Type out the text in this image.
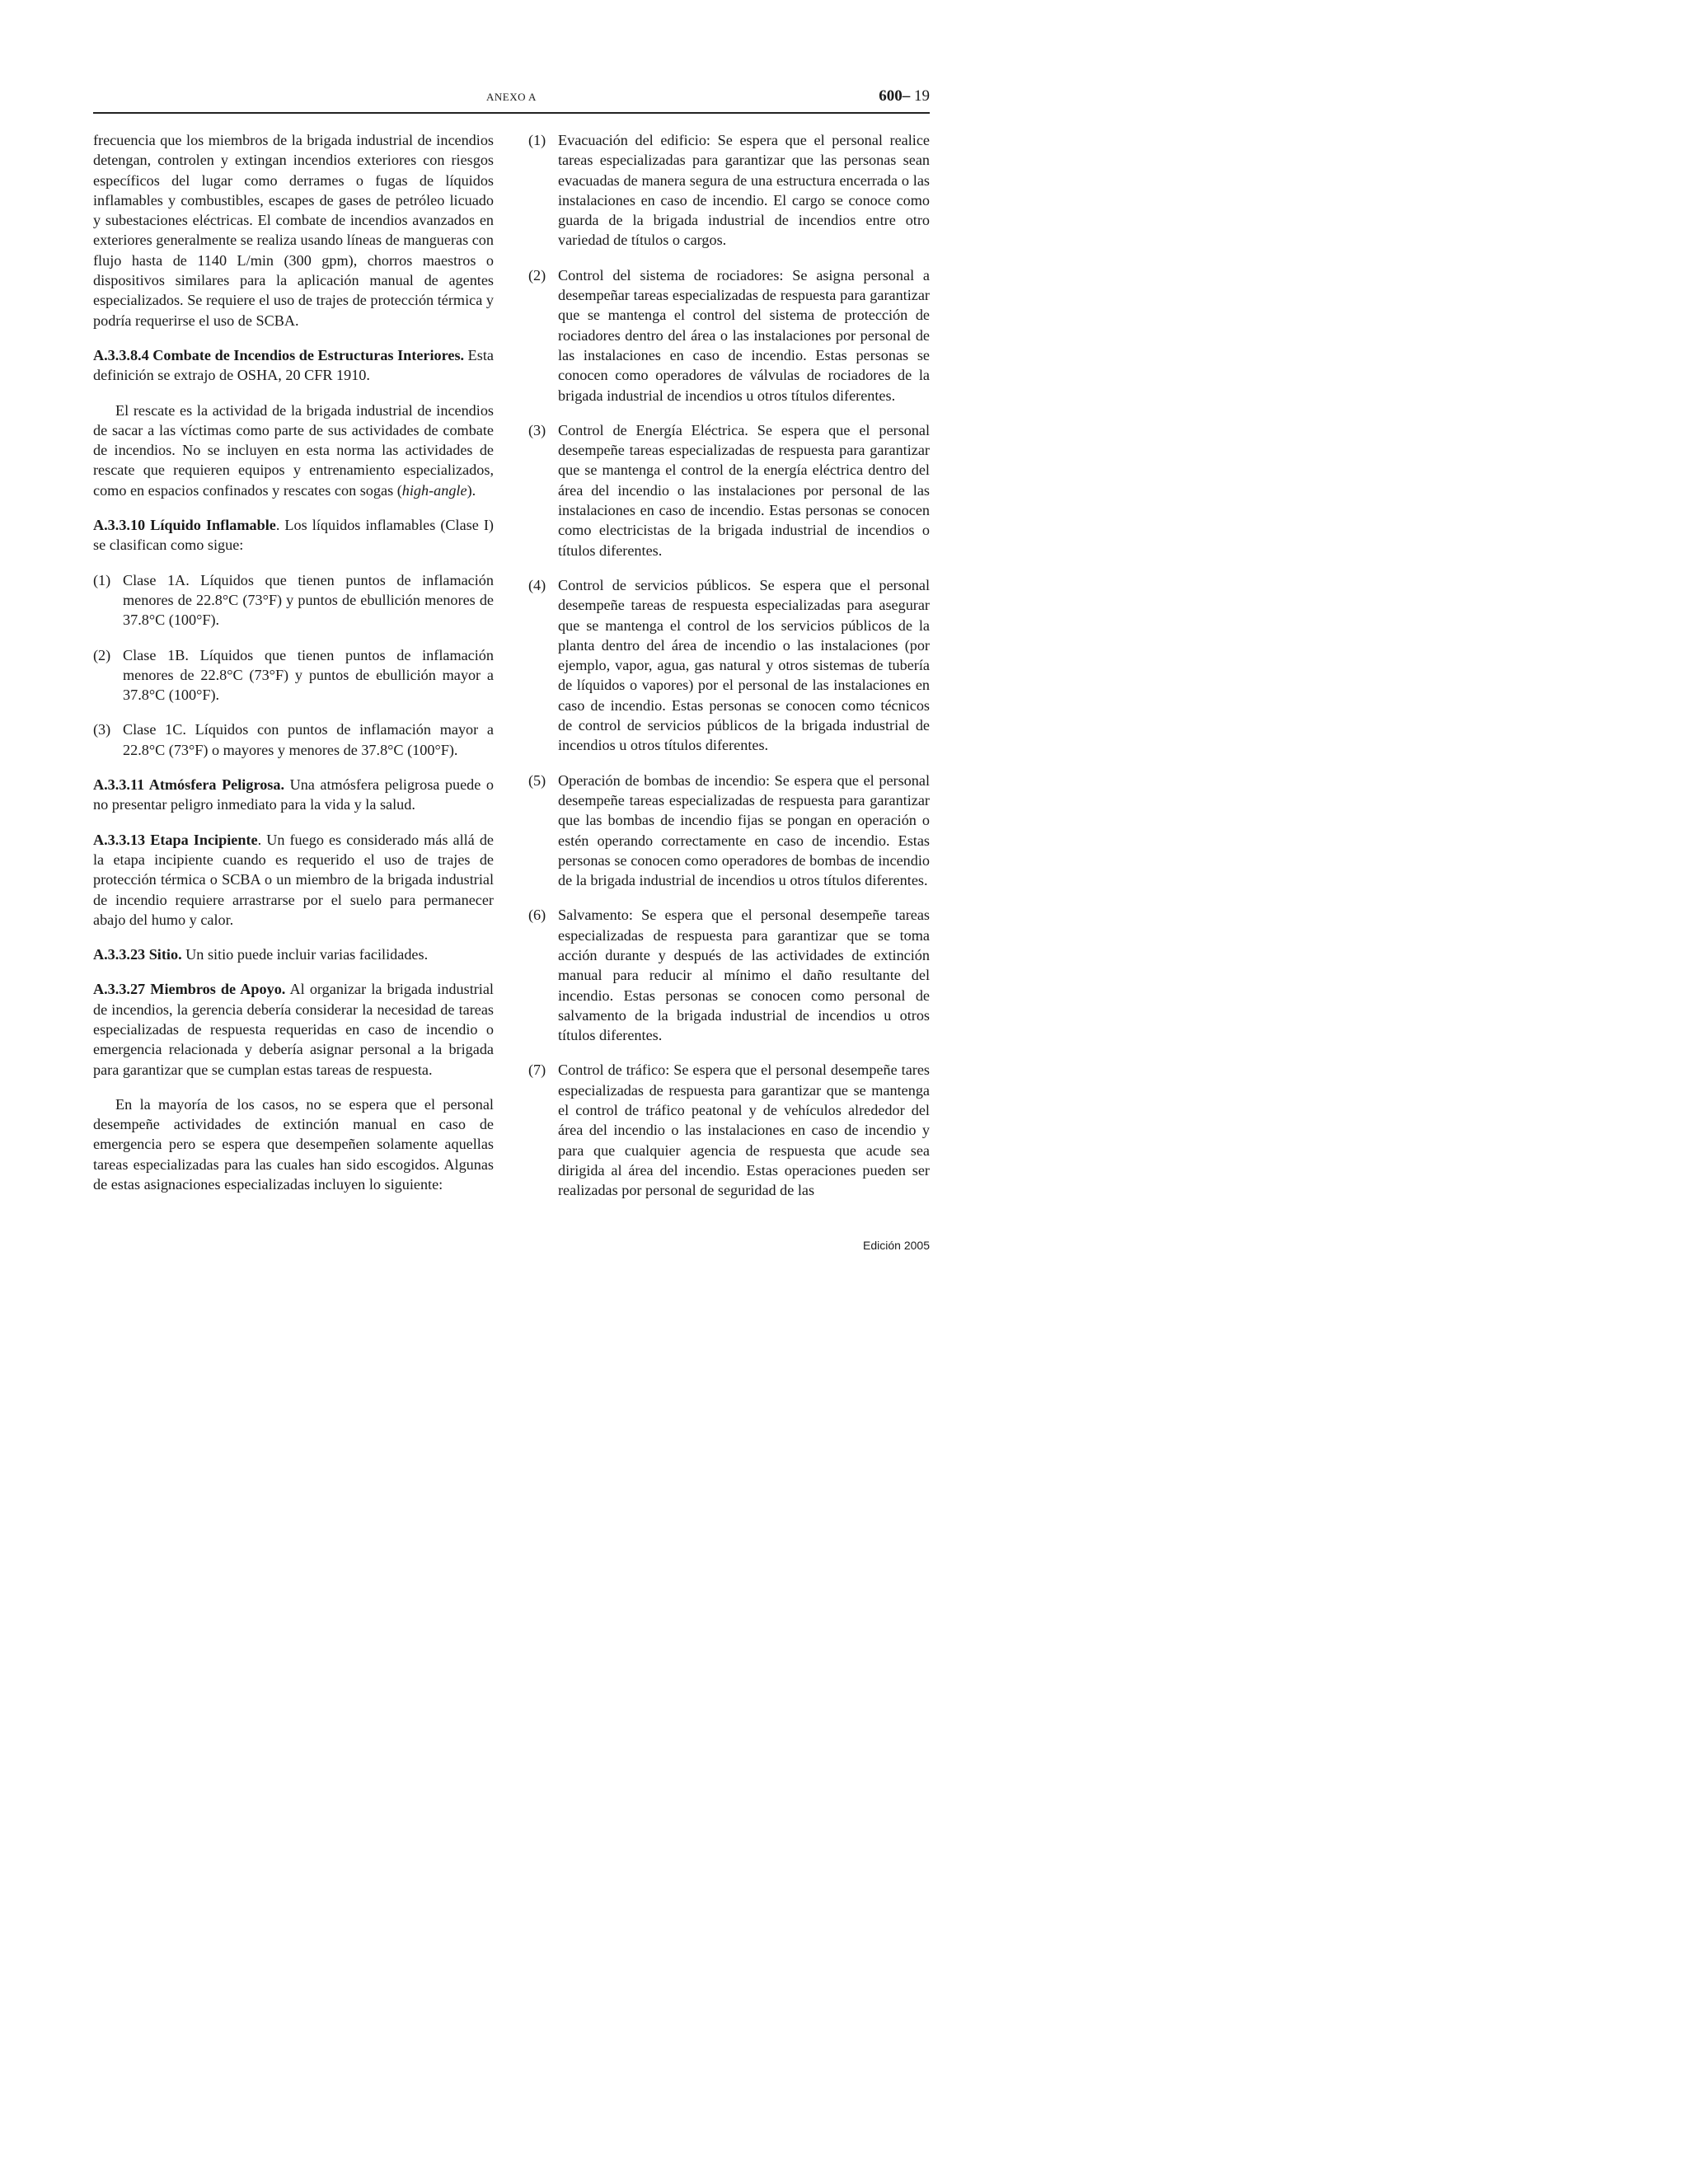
ANEXO A	600– 19

frecuencia que los miembros de la brigada industrial de incendios detengan, controlen y extingan incendios exteriores con riesgos específicos del lugar como derrames o fugas de líquidos inflamables y combustibles, escapes de gases de petróleo licuado y subestaciones eléctricas. El combate de incendios avanzados en exteriores generalmente se realiza usando líneas de mangueras con flujo hasta de 1140 L/min (300 gpm), chorros maestros o dispositivos similares para la aplicación manual de agentes especializados. Se requiere el uso de trajes de protección térmica y podría requerirse el uso de SCBA.

A.3.3.8.4 Combate de Incendios de Estructuras Interiores. Esta definición se extrajo de OSHA, 20 CFR 1910.

El rescate es la actividad de la brigada industrial de incendios de sacar a las víctimas como parte de sus actividades de combate de incendios. No se incluyen en esta norma las actividades de rescate que requieren equipos y entrenamiento especializados, como en espacios confinados y rescates con sogas (high-angle).

A.3.3.10 Líquido Inflamable. Los líquidos inflamables (Clase I) se clasifican como sigue:

(1) Clase 1A. Líquidos que tienen puntos de inflamación menores de 22.8°C (73°F) y puntos de ebullición menores de 37.8°C (100°F).
(2) Clase 1B. Líquidos que tienen puntos de inflamación menores de 22.8°C (73°F) y puntos de ebullición mayor a 37.8°C (100°F).
(3) Clase 1C. Líquidos con puntos de inflamación mayor a 22.8°C (73°F) o mayores y menores de 37.8°C (100°F).

A.3.3.11 Atmósfera Peligrosa. Una atmósfera peligrosa puede o no presentar peligro inmediato para la vida y la salud.

A.3.3.13 Etapa Incipiente. Un fuego es considerado más allá de la etapa incipiente cuando es requerido el uso de trajes de protección térmica o SCBA o un miembro de la brigada industrial de incendio requiere arrastrarse por el suelo para permanecer abajo del humo y calor.

A.3.3.23 Sitio. Un sitio puede incluir varias facilidades.

A.3.3.27 Miembros de Apoyo. Al organizar la brigada industrial de incendios, la gerencia debería considerar la necesidad de tareas especializadas de respuesta requeridas en caso de incendio o emergencia relacionada y debería asignar personal a la brigada para garantizar que se cumplan estas tareas de respuesta.

En la mayoría de los casos, no se espera que el personal desempeñe actividades de extinción manual en caso de emergencia pero se espera que desempeñen solamente aquellas tareas especializadas para las cuales han sido escogidos. Algunas de estas asignaciones especializadas incluyen lo siguiente:

(1) Evacuación del edificio: Se espera que el personal realice tareas especializadas para garantizar que las personas sean evacuadas de manera segura de una estructura encerrada o las instalaciones en caso de incendio. El cargo se conoce como guarda de la brigada industrial de incendios entre otro variedad de títulos o cargos.
(2) Control del sistema de rociadores: Se asigna personal a desempeñar tareas especializadas de respuesta para garantizar que se mantenga el control del sistema de protección de rociadores dentro del área o las instalaciones por personal de las instalaciones en caso de incendio. Estas personas se conocen como operadores de válvulas de rociadores de la brigada industrial de incendios u otros títulos diferentes.
(3) Control de Energía Eléctrica. Se espera que el personal desempeñe tareas especializadas de respuesta para garantizar que se mantenga el control de la energía eléctrica dentro del área del incendio o las instalaciones por personal de las instalaciones en caso de incendio. Estas personas se conocen como electricistas de la brigada industrial de incendios o títulos diferentes.
(4) Control de servicios públicos. Se espera que el personal desempeñe tareas de respuesta especializadas para asegurar que se mantenga el control de los servicios públicos de la planta dentro del área de incendio o las instalaciones (por ejemplo, vapor, agua, gas natural y otros sistemas de tubería de líquidos o vapores) por el personal de las instalaciones en caso de incendio. Estas personas se conocen como técnicos de control de servicios públicos de la brigada industrial de incendios u otros títulos diferentes.
(5) Operación de bombas de incendio: Se espera que el personal desempeñe tareas especializadas de respuesta para garantizar que las bombas de incendio fijas se pongan en operación o estén operando correctamente en caso de incendio. Estas personas se conocen como operadores de bombas de incendio de la brigada industrial de incendios u otros títulos diferentes.
(6) Salvamento: Se espera que el personal desempeñe tareas especializadas de respuesta para garantizar que se toma acción durante y después de las actividades de extinción manual para reducir al mínimo el daño resultante del incendio. Estas personas se conocen como personal de salvamento de la brigada industrial de incendios u otros títulos diferentes.
(7) Control de tráfico: Se espera que el personal desempeñe tares especializadas de respuesta para garantizar que se mantenga el control de tráfico peatonal y de vehículos alrededor del área del incendio o las instalaciones en caso de incendio y para que cualquier agencia de respuesta que acude sea dirigida al área del incendio. Estas operaciones pueden ser realizadas por personal de seguridad de las
Edición 2005
